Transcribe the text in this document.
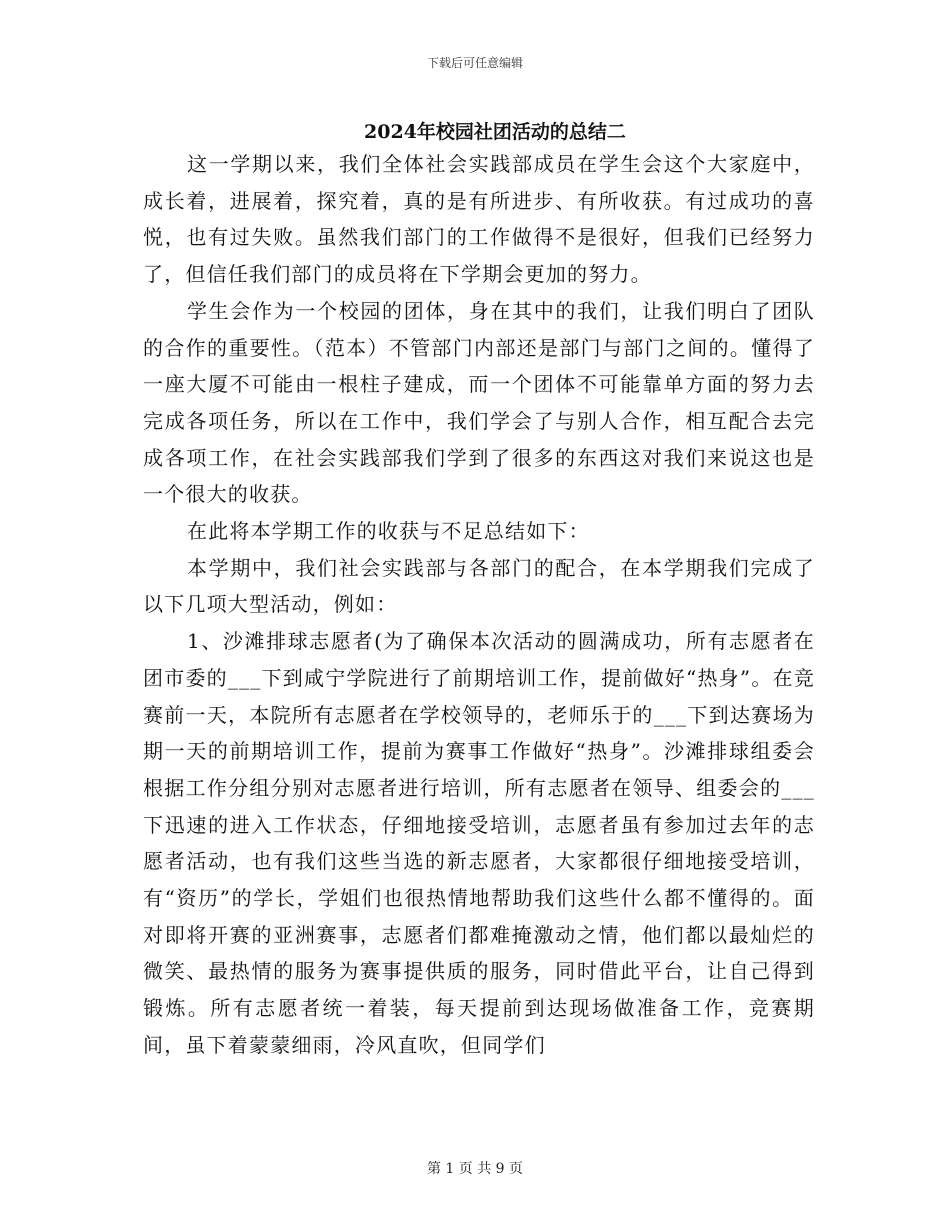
下载后可任意编辑
2024年校园社团活动的总结二

这一学期以来，我们全体社会实践部成员在学生会这个大家庭中，成长着，进展着，探究着，真的是有所进步、有所收获。有过成功的喜悦，也有过失败。虽然我们部门的工作做得不是很好，但我们已经努力了，但信任我们部门的成员将在下学期会更加的努力。

学生会作为一个校园的团体，身在其中的我们，让我们明白了团队的合作的重要性。（范本）不管部门内部还是部门与部门之间的。懂得了一座大厦不可能由一根柱子建成，而一个团体不可能靠单方面的努力去完成各项任务，所以在工作中，我们学会了与别人合作，相互配合去完成各项工作，在社会实践部我们学到了很多的东西这对我们来说这也是一个很大的收获。

在此将本学期工作的收获与不足总结如下：

本学期中，我们社会实践部与各部门的配合，在本学期我们完成了以下几项大型活动，例如：

1、沙滩排球志愿者(为了确保本次活动的圆满成功，所有志愿者在团市委的___下到咸宁学院进行了前期培训工作，提前做好“热身”。在竞赛前一天，本院所有志愿者在学校领导的，老师乐于的___下到达赛场为期一天的前期培训工作，提前为赛事工作做好“热身”。沙滩排球组委会根据工作分组分别对志愿者进行培训，所有志愿者在领导、组委会的___下迅速的进入工作状态，仔细地接受培训，志愿者虽有参加过去年的志愿者活动，也有我们这些当选的新志愿者，大家都很仔细地接受培训，有“资历”的学长，学姐们也很热情地帮助我们这些什么都不懂得的。面对即将开赛的亚洲赛事，志愿者们都难掩激动之情，他们都以最灿烂的微笑、最热情的服务为赛事提供质的服务，同时借此平台，让自己得到锻炼。所有志愿者统一着装，每天提前到达现场做准备工作，竞赛期间，虽下着蒙蒙细雨，冷风直吹，但同学们

第 1 页 共 9 页
